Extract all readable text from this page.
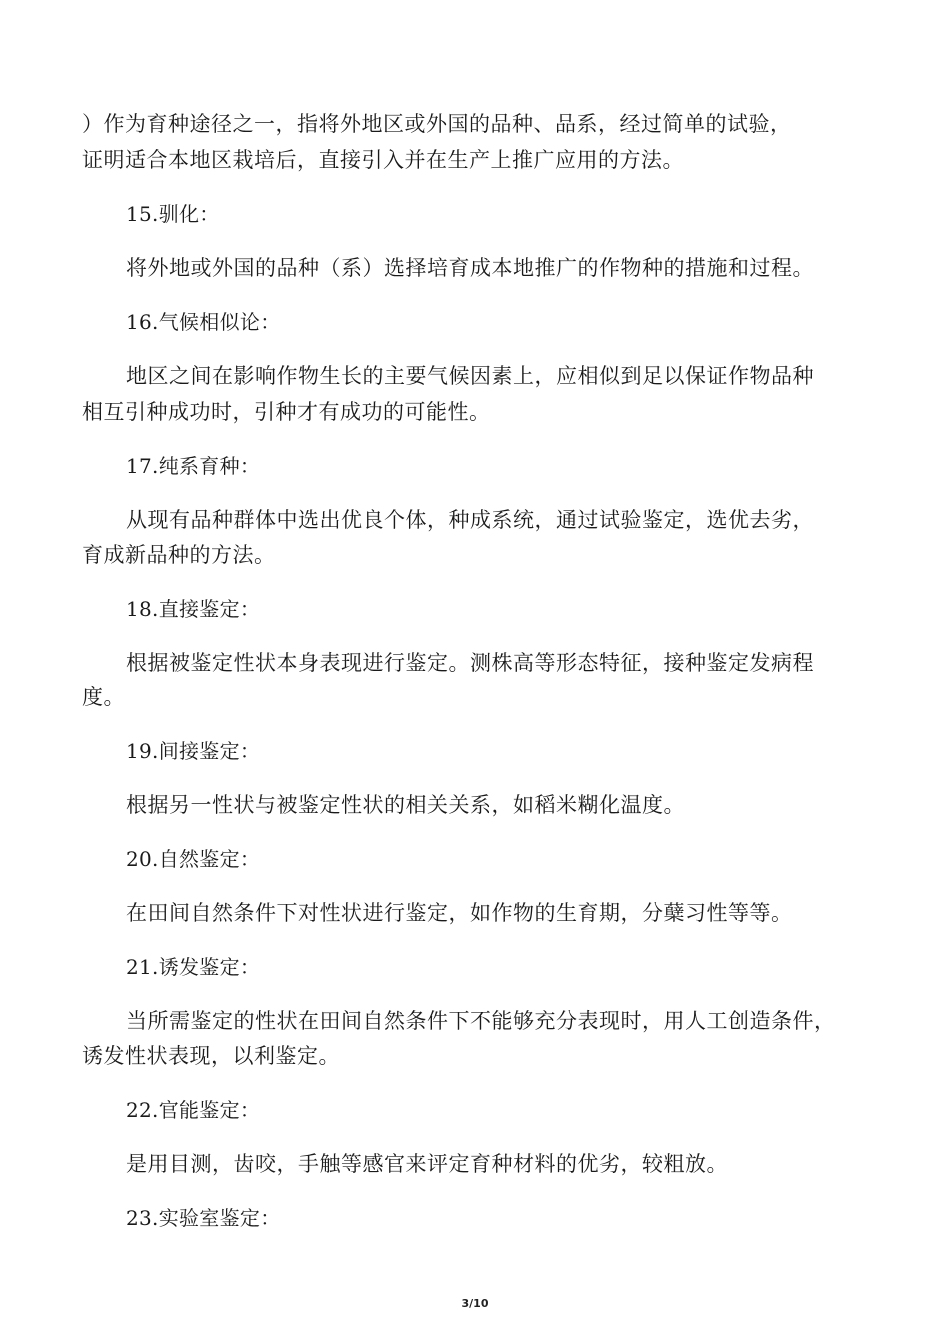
）作为育种途径之一，指将外地区或外国的品种、品系，经过简单的试验，
证明适合本地区栽培后，直接引入并在生产上推广应用的方法。
15.驯化：
将外地或外国的品种（系）选择培育成本地推广的作物种的措施和过程。
16.气候相似论：
地区之间在影响作物生长的主要气候因素上，应相似到足以保证作物品种
相互引种成功时，引种才有成功的可能性。
17.纯系育种：
从现有品种群体中选出优良个体，种成系统，通过试验鉴定，选优去劣，
育成新品种的方法。
18.直接鉴定：
根据被鉴定性状本身表现进行鉴定。测株高等形态特征，接种鉴定发病程
度。
19.间接鉴定：
根据另一性状与被鉴定性状的相关关系，如稻米糊化温度。
20.自然鉴定：
在田间自然条件下对性状进行鉴定，如作物的生育期，分蘖习性等等。
21.诱发鉴定：
当所需鉴定的性状在田间自然条件下不能够充分表现时，用人工创造条件，
诱发性状表现，以利鉴定。
22.官能鉴定：
是用目测，齿咬，手触等感官来评定育种材料的优劣，较粗放。
23.实验室鉴定：
3/10
